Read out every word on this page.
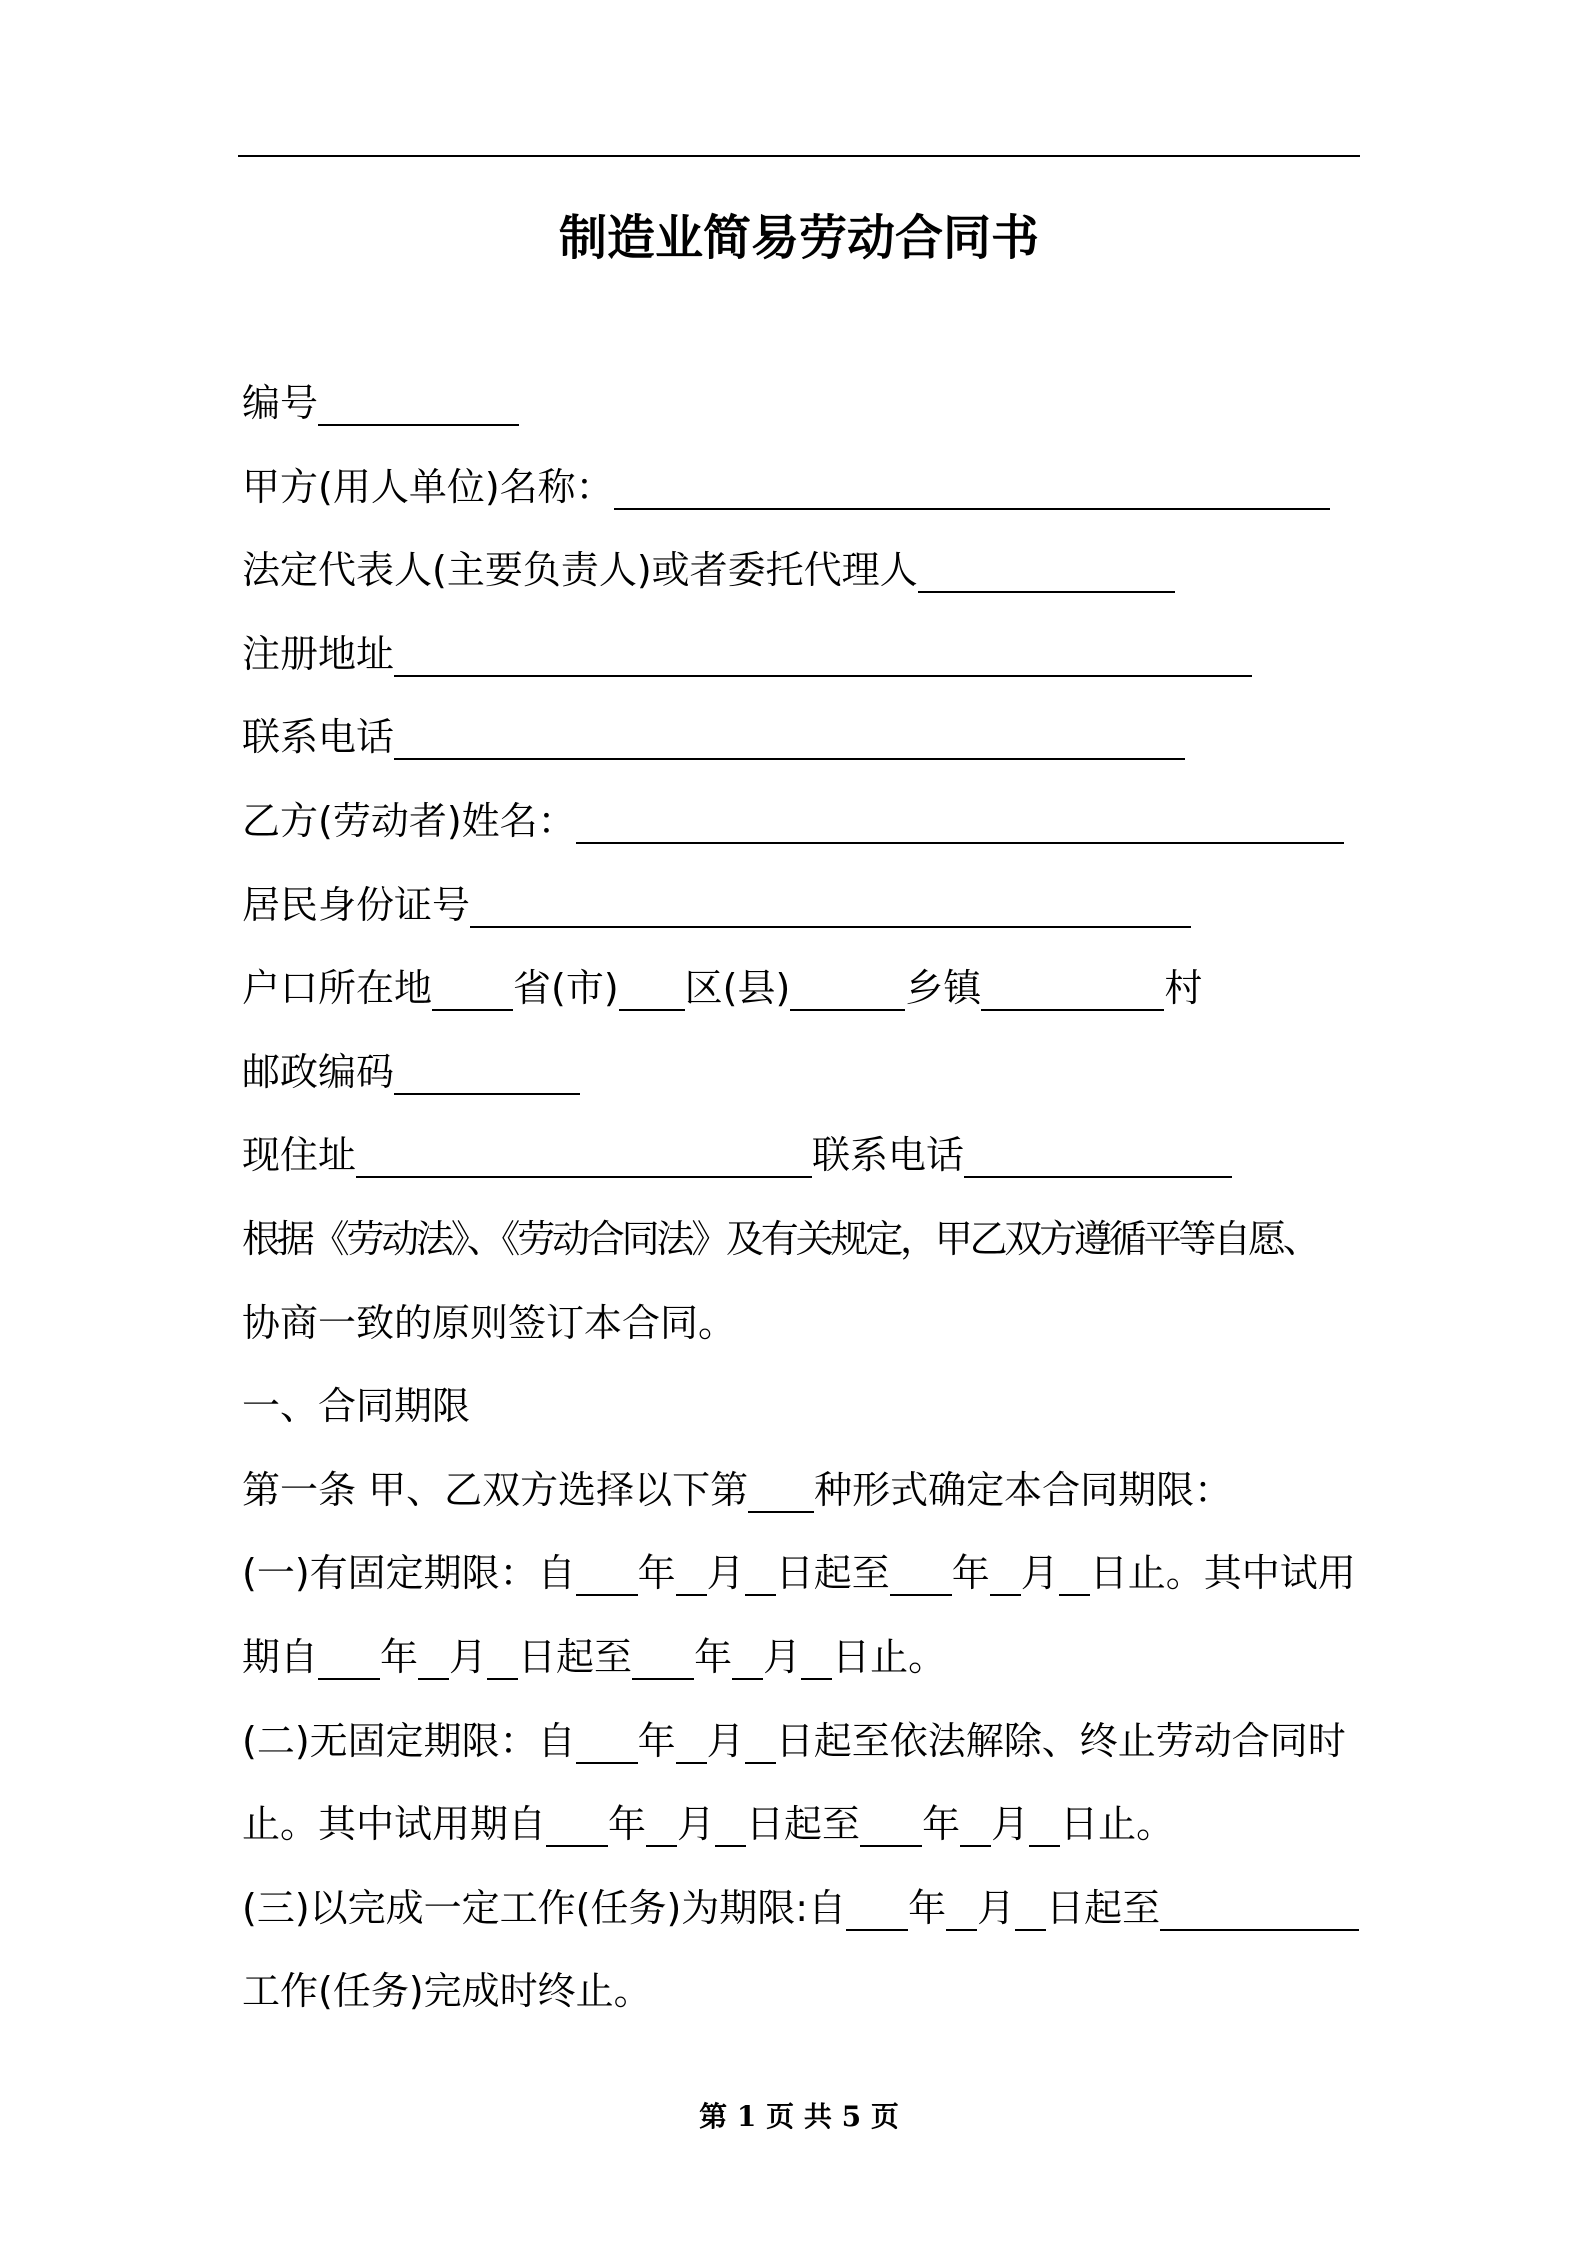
制造业简易劳动合同书
编号
甲方(用人单位)名称：
法定代表人(主要负责人)或者委托代理人
注册地址
联系电话
乙方(劳动者)姓名：
居民身份证号
户口所在地 省(市) 区(县)	乡镇	村
邮政编码
现住址	联系电话
根据《劳动法》、《劳动合同法》及有关规定，甲乙双方遵循平等自愿、
协商一致的原则签订本合同。
一、合同期限
第一条 甲、乙双方选择以下第 种形式确定本合同期限：
(一)有固定期限：自 年 月 日起至 年 月 日止。其中试用
期自 年 月 日起至 年 月 日止。
(二)无固定期限：自 年 月 日起至依法解除、终止劳动合同时
止。其中试用期自 年 月 日起至 年 月 日止。
(三)以完成一定工作(任务)为期限:自 年 月 日起至
工作(任务)完成时终止。
第 1 页 共 5 页
